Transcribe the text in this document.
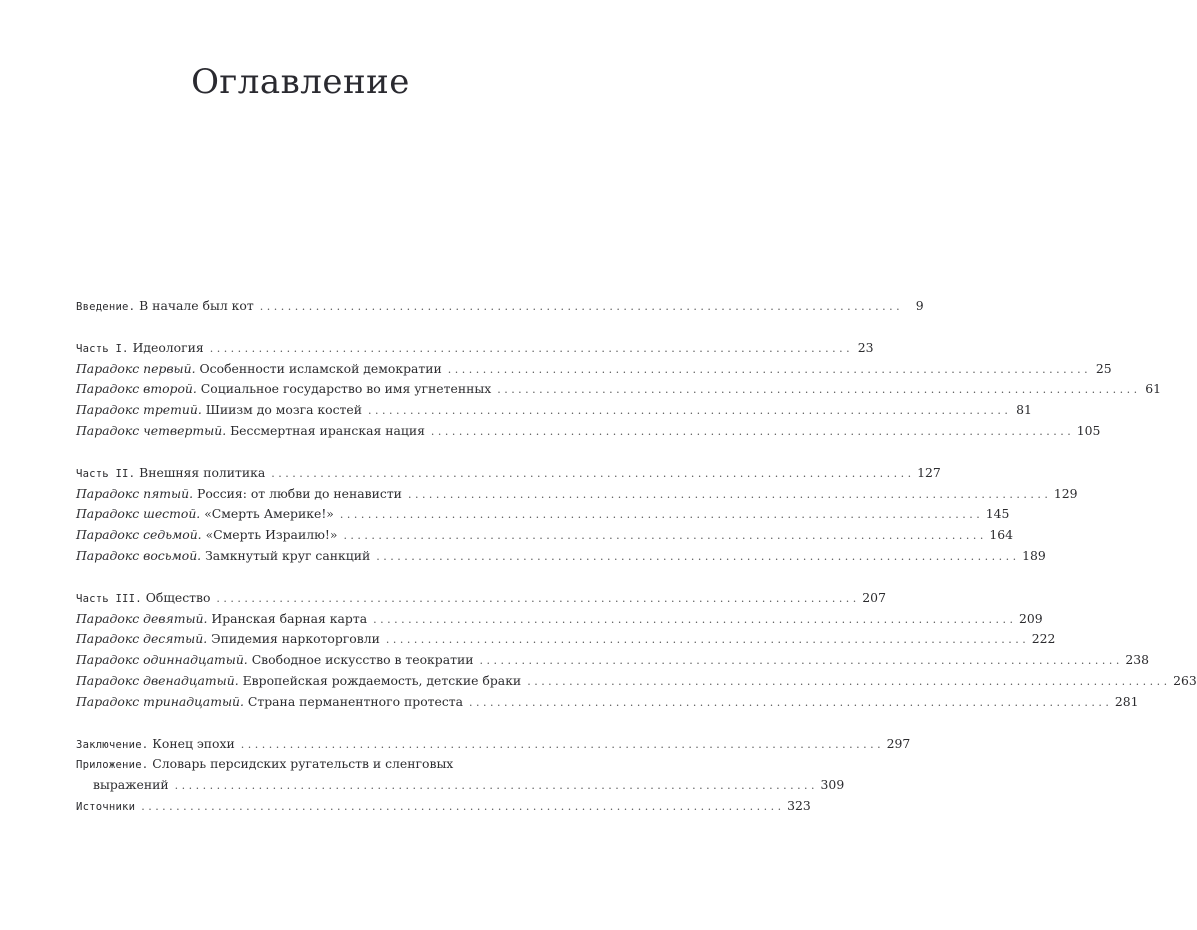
Оглавление
Введение. В начале был кот . . .	9
Часть I. Идеология . . .	23
Парадокс первый. Особенности исламской демократии . . .	25
Парадокс второй. Социальное государство во имя угнетенных . . .	61
Парадокс третий. Шиизм до мозга костей . . .	81
Парадокс четвертый. Бессмертная иранская нация . . .	105
Часть II. Внешняя политика . . .	127
Парадокс пятый. Россия: от любви до ненависти . . .	129
Парадокс шестой. «Смерть Америке!» . . .	145
Парадокс седьмой. «Смерть Израилю!» . . .	164
Парадокс восьмой. Замкнутый круг санкций . . .	189
Часть III. Общество . . .	207
Парадокс девятый. Иранская барная карта . . .	209
Парадокс десятый. Эпидемия наркоторговли . . .	222
Парадокс одиннадцатый. Свободное искусство в теократии . . .	238
Парадокс двенадцатый. Европейская рождаемость, детские браки . . .	263
Парадокс тринадцатый. Страна перманентного протеста . . .	281
Заключение. Конец эпохи . . .	297
Приложение. Словарь персидских ругательств и сленговых
выражений . . .	309
Источники . . .	323
